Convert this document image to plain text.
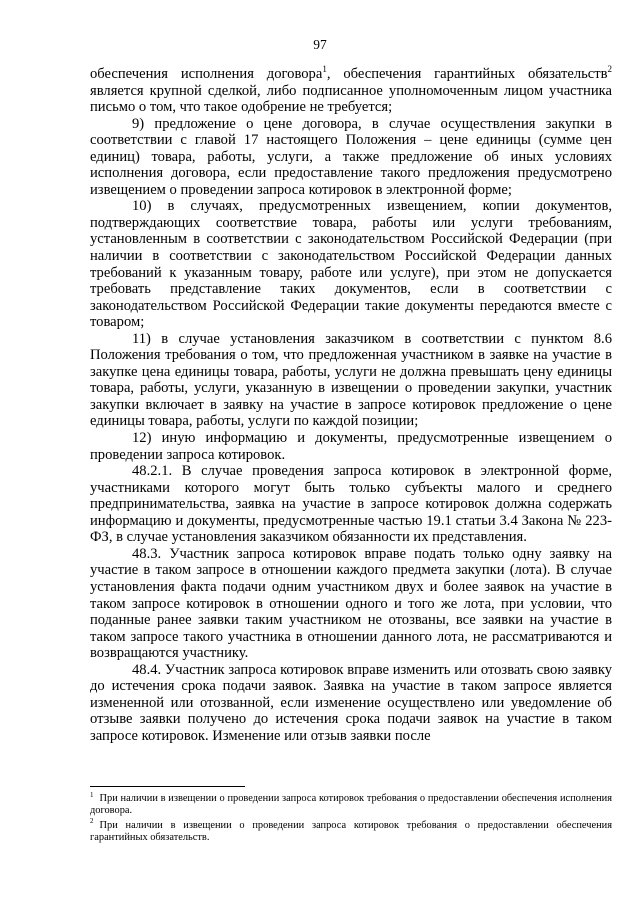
97

обеспечения исполнения договора$^1$, обеспечения гарантийных обязательств$^2$ является крупной сделкой, либо подписанное уполномоченным лицом участника письмо о том, что такое одобрение не требуется;

9) предложение о цене договора, в случае осуществления закупки в соответствии с главой 17 настоящего Положения – цене единицы (сумме цен единиц) товара, работы, услуги, а также предложение об иных условиях исполнения договора, если предоставление такого предложения предусмотрено извещением о проведении запроса котировок в электронной форме;

10) в случаях, предусмотренных извещением, копии документов, подтверждающих соответствие товара, работы или услуги требованиям, установленным в соответствии с законодательством Российской Федерации (при наличии в соответствии с законодательством Российской Федерации данных требований к указанным товару, работе или услуге), при этом не допускается требовать представление таких документов, если в соответствии с законодательством Российской Федерации такие документы передаются вместе с товаром;

11) в случае установления заказчиком в соответствии с пунктом 8.6 Положения требования о том, что предложенная участником в заявке на участие в закупке цена единицы товара, работы, услуги не должна превышать цену единицы товара, работы, услуги, указанную в извещении о проведении закупки, участник закупки включает в заявку на участие в запросе котировок предложение о цене единицы товара, работы, услуги по каждой позиции;

12) иную информацию и документы, предусмотренные извещением о проведении запроса котировок.

48.2.1. В случае проведения запроса котировок в электронной форме, участниками которого могут быть только субъекты малого и среднего предпринимательства, заявка на участие в запросе котировок должна содержать информацию и документы, предусмотренные частью 19.1 статьи 3.4 Закона № 223-ФЗ, в случае установления заказчиком обязанности их представления.

48.3. Участник запроса котировок вправе подать только одну заявку на участие в таком запросе в отношении каждого предмета закупки (лота). В случае установления факта подачи одним участником двух и более заявок на участие в таком запросе котировок в отношении одного и того же лота, при условии, что поданные ранее заявки таким участником не отозваны, все заявки на участие в таком запросе такого участника в отношении данного лота, не рассматриваются и возвращаются участнику.

48.4. Участник запроса котировок вправе изменить или отозвать свою заявку до истечения срока подачи заявок. Заявка на участие в таком запросе является измененной или отозванной, если изменение осуществлено или уведомление об отзыве заявки получено до истечения срока подачи заявок на участие в таком запросе котировок. Изменение или отзыв заявки после

$^1$ При наличии в извещении о проведении запроса котировок требования о предоставлении обеспечения исполнения договора.

$^2$ При наличии в извещении о проведении запроса котировок требования о предоставлении обеспечения гарантийных обязательств.
